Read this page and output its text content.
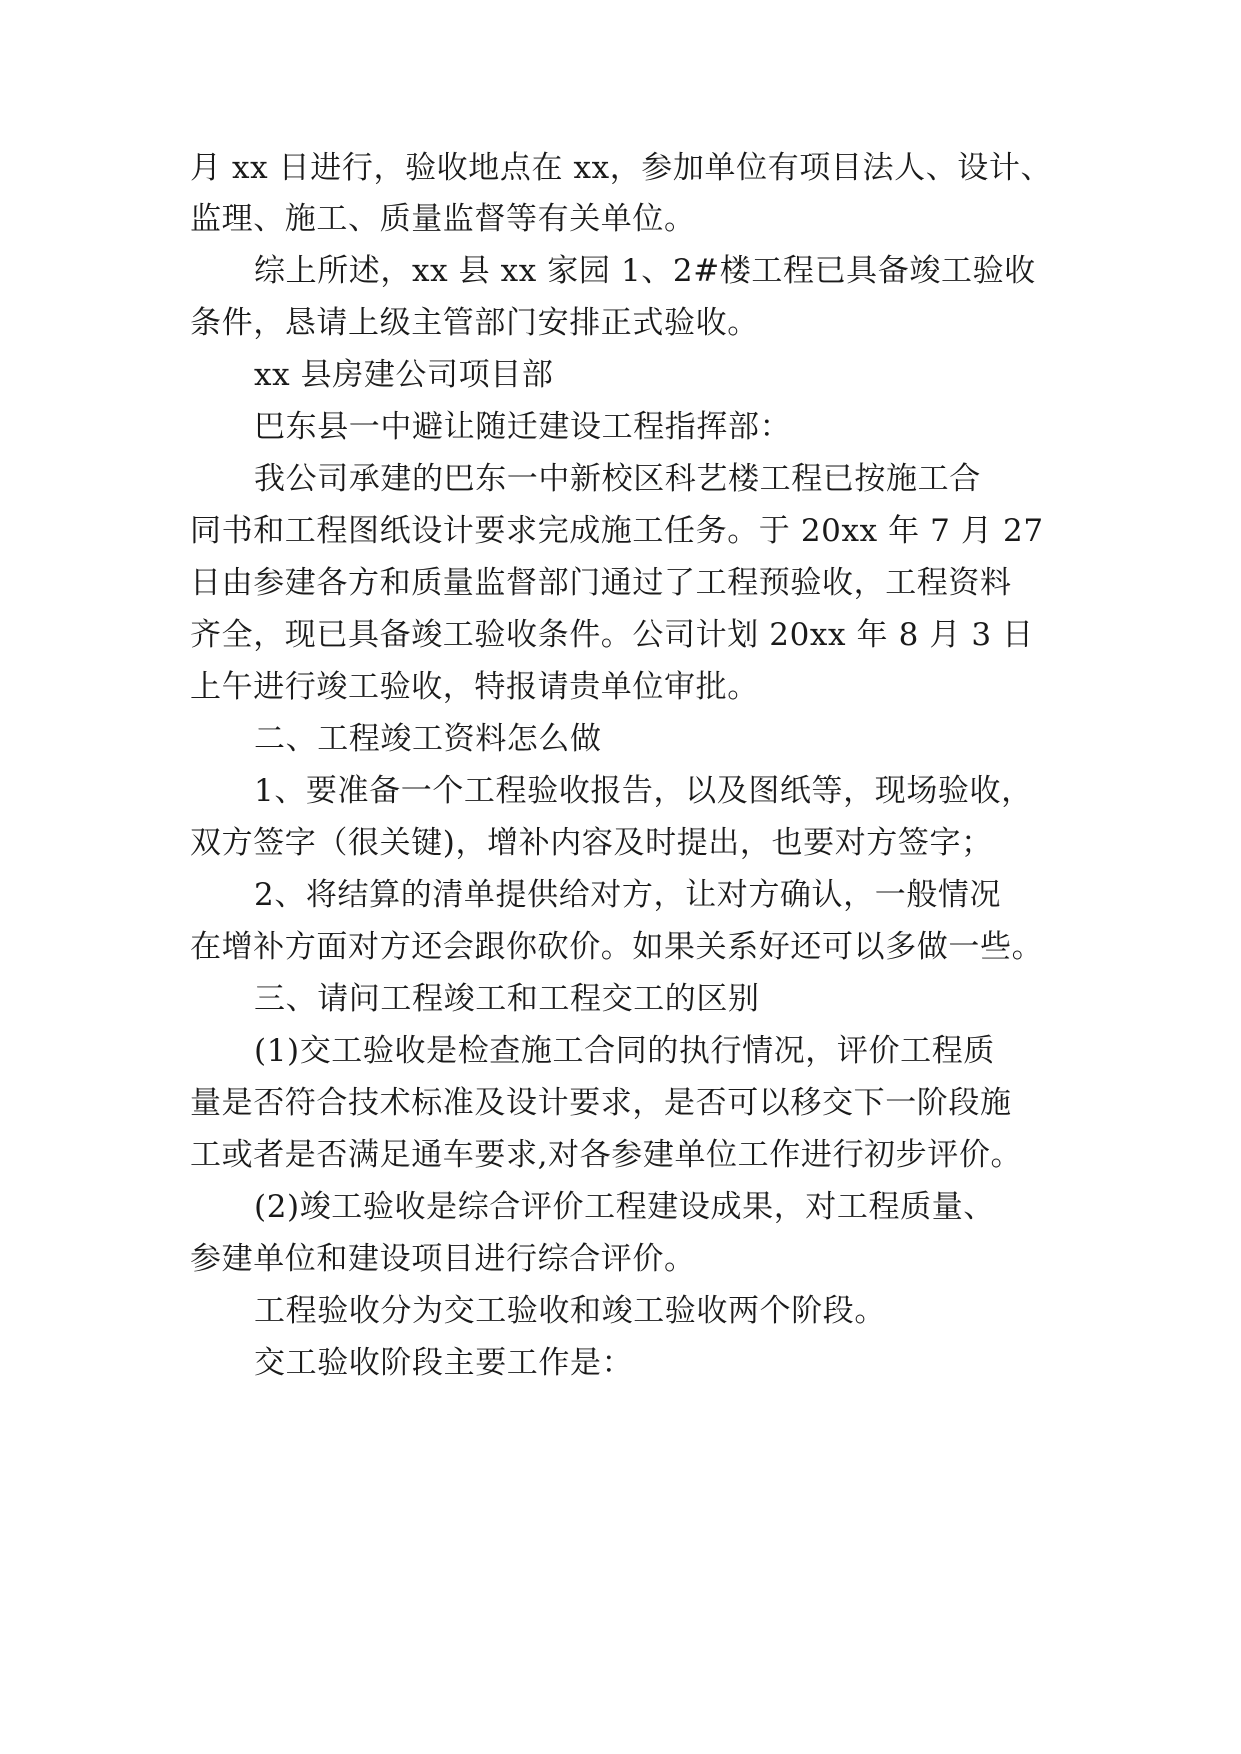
月 xx 日进行，验收地点在 xx，参加单位有项目法人、设计、
监理、施工、质量监督等有关单位。
综上所述，xx 县 xx 家园 1、2#楼工程已具备竣工验收
条件，恳请上级主管部门安排正式验收。
xx 县房建公司项目部
巴东县一中避让随迁建设工程指挥部：
我公司承建的巴东一中新校区科艺楼工程已按施工合
同书和工程图纸设计要求完成施工任务。于 20xx 年 7 月 27
日由参建各方和质量监督部门通过了工程预验收，工程资料
齐全，现已具备竣工验收条件。公司计划 20xx 年 8 月 3 日
上午进行竣工验收，特报请贵单位审批。
二、工程竣工资料怎么做
1、要准备一个工程验收报告，以及图纸等，现场验收，
双方签字（很关键)，增补内容及时提出，也要对方签字；
2、将结算的清单提供给对方，让对方确认，一般情况
在增补方面对方还会跟你砍价。如果关系好还可以多做一些。
三、请问工程竣工和工程交工的区别
(1)交工验收是检查施工合同的执行情况，评价工程质
量是否符合技术标准及设计要求，是否可以移交下一阶段施
工或者是否满足通车要求,对各参建单位工作进行初步评价。
(2)竣工验收是综合评价工程建设成果，对工程质量、
参建单位和建设项目进行综合评价。
工程验收分为交工验收和竣工验收两个阶段。
交工验收阶段主要工作是：
